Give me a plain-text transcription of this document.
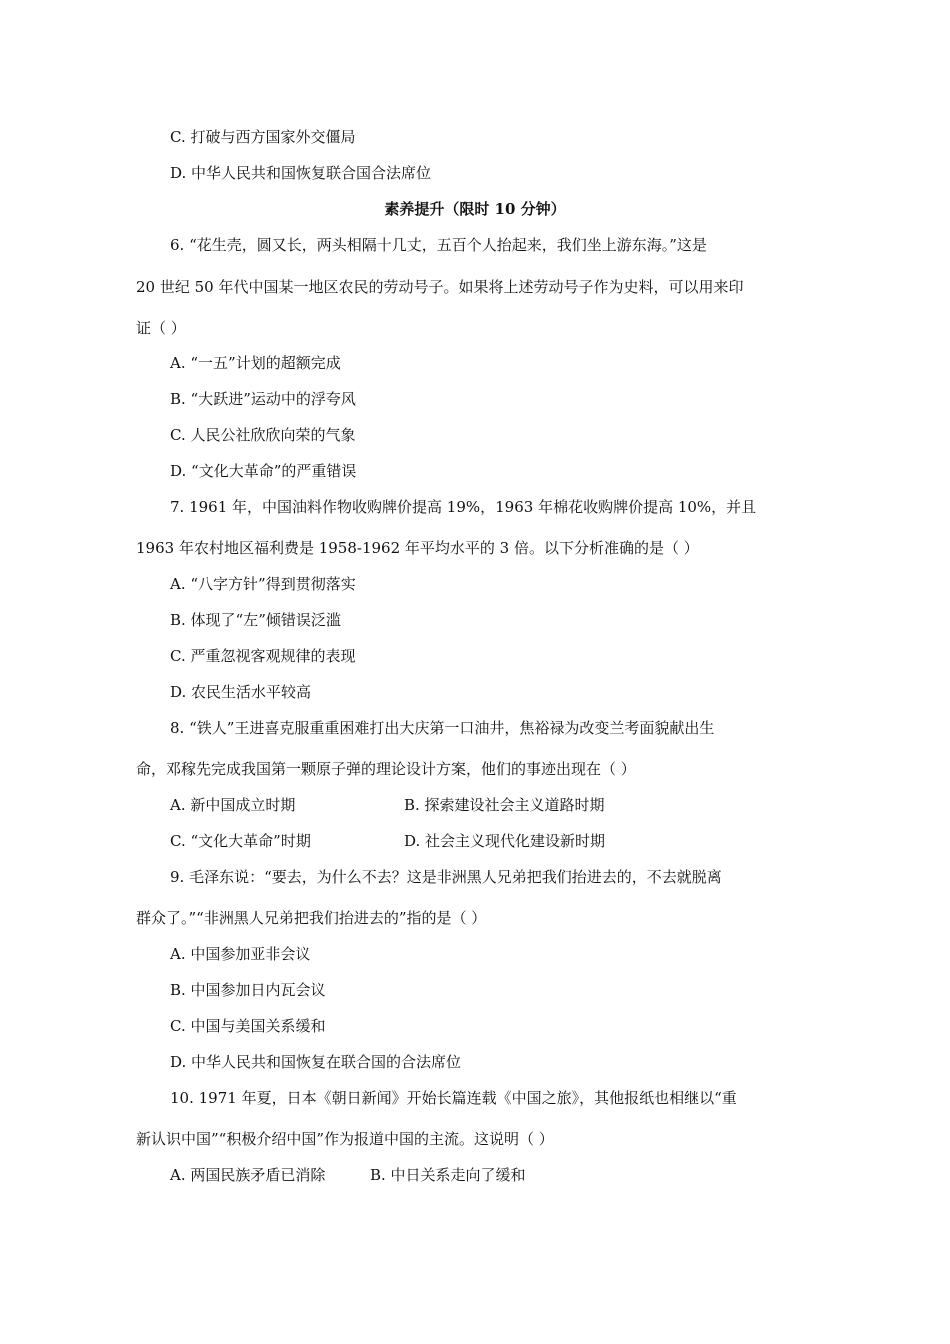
C. 打破与西方国家外交僵局
D. 中华人民共和国恢复联合国合法席位
素养提升（限时 10 分钟）
6. “花生壳，圆又长，两头相隔十几丈，五百个人抬起来，我们坐上游东海。”这是
20 世纪 50 年代中国某一地区农民的劳动号子。如果将上述劳动号子作为史料，可以用来印
证（ ）
A. “一五”计划的超额完成
B. “大跃进”运动中的浮夸风
C. 人民公社欣欣向荣的气象
D. “文化大革命”的严重错误
7. 1961 年，中国油料作物收购牌价提高 19%，1963 年棉花收购牌价提高 10%，并且
1963 年农村地区福利费是 1958-1962 年平均水平的 3 倍。以下分析准确的是（ ）
A. “八字方针”得到贯彻落实
B. 体现了“左”倾错误泛滥
C. 严重忽视客观规律的表现
D. 农民生活水平较高
8. “铁人”王进喜克服重重困难打出大庆第一口油井，焦裕禄为改变兰考面貌献出生
命，邓稼先完成我国第一颗原子弹的理论设计方案，他们的事迹出现在（ ）
A. 新中国成立时期	B. 探索建设社会主义道路时期
C. “文化大革命”时期	D. 社会主义现代化建设新时期
9. 毛泽东说：“要去，为什么不去？这是非洲黑人兄弟把我们抬进去的，不去就脱离
群众了。”“非洲黑人兄弟把我们抬进去的”指的是（ ）
A. 中国参加亚非会议
B. 中国参加日内瓦会议
C. 中国与美国关系缓和
D. 中华人民共和国恢复在联合国的合法席位
10. 1971 年夏，日本《朝日新闻》开始长篇连载《中国之旅》，其他报纸也相继以“重
新认识中国”“积极介绍中国”作为报道中国的主流。这说明（ ）
A. 两国民族矛盾已消除	B. 中日关系走向了缓和
